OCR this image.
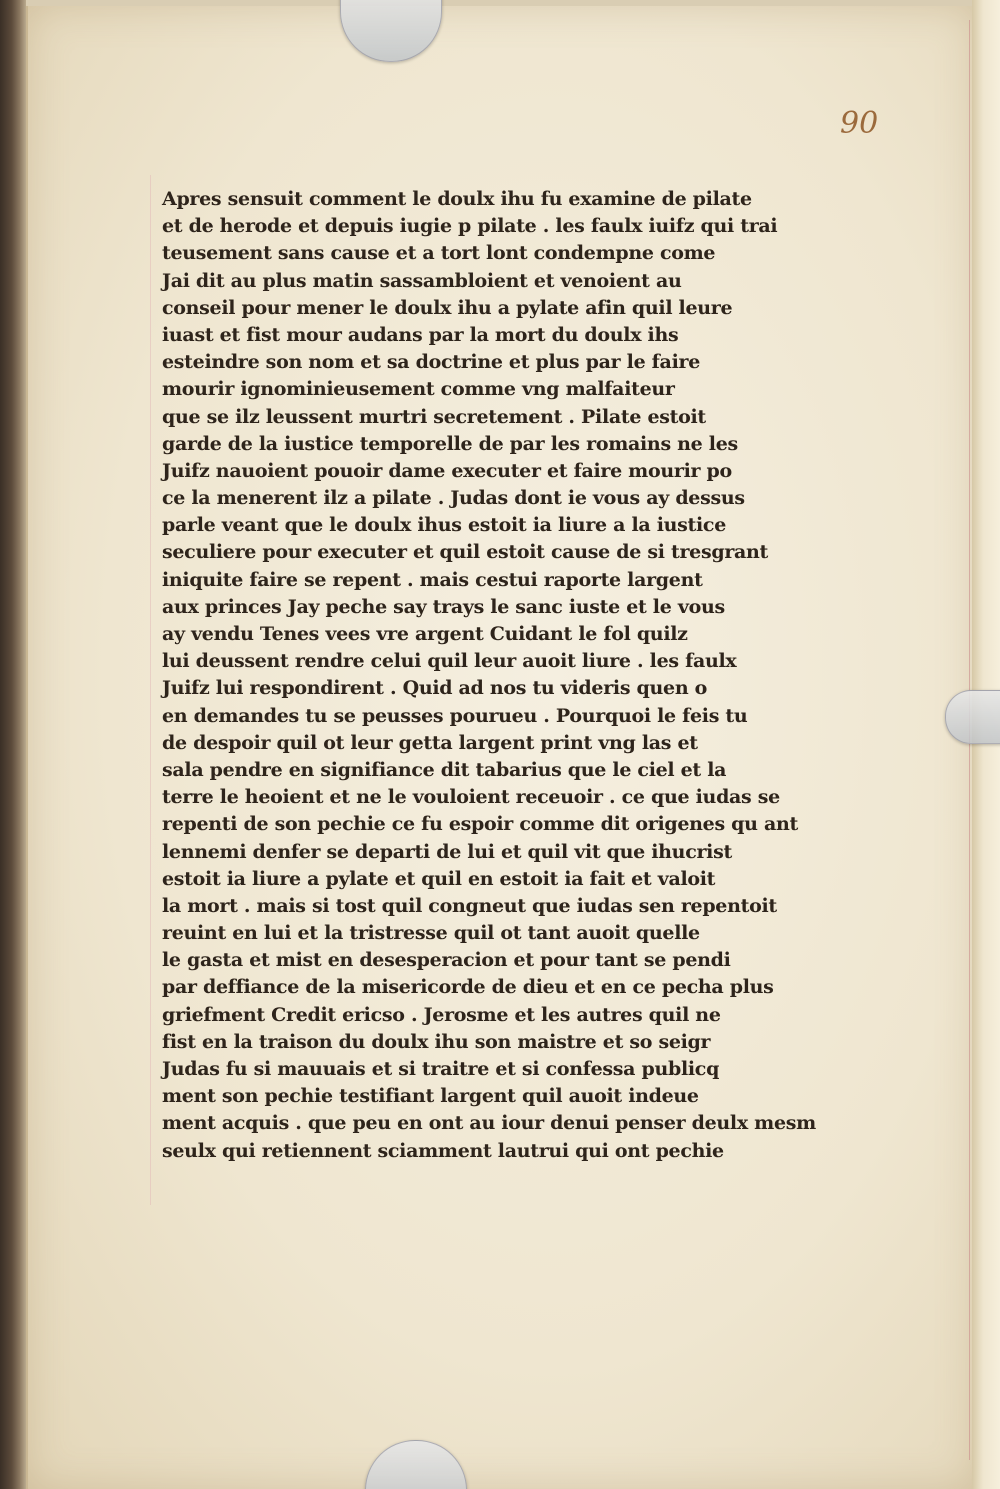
90
Apres sensuit comment le doulx ihu fu examine de pilate
et de herode et depuis iugie p pilate . les faulx iuifz qui trai
teusement sans cause et a tort lont condempne come
Jai dit au plus matin sassambloient et venoient au
conseil pour mener le doulx ihu a pylate afin quil leure
iuast et fist mour audans par la mort du doulx ihs
esteindre son nom et sa doctrine et plus par le faire
mourir ignominieusement comme vng malfaiteur
que se ilz leussent murtri secretement . Pilate estoit
garde de la iustice temporelle de par les romains ne les
Juifz nauoient pouoir dame executer et faire mourir po
ce la menerent ilz a pilate . Judas dont ie vous ay dessus
parle veant que le doulx ihus estoit ia liure a la iustice
seculiere pour executer et quil estoit cause de si tresgrant
iniquite faire se repent . mais cestui raporte largent
aux princes Jay peche say trays le sanc iuste et le vous
ay vendu Tenes vees vre argent Cuidant le fol quilz
lui deussent rendre celui quil leur auoit liure . les faulx
Juifz lui respondirent . Quid ad nos tu videris quen o
en demandes tu se peusses pourueu . Pourquoi le feis tu
de despoir quil ot leur getta largent print vng las et
sala pendre en signifiance dit tabarius que le ciel et la
terre le heoient et ne le vouloient receuoir . ce que iudas se
repenti de son pechie ce fu espoir comme dit origenes qu ant
lennemi denfer se departi de lui et quil vit que ihucrist
estoit ia liure a pylate et quil en estoit ia fait et valoit
la mort . mais si tost quil congneut que iudas sen repentoit
reuint en lui et la tristresse quil ot tant auoit quelle
le gasta et mist en desesperacion et pour tant se pendi
par deffiance de la misericorde de dieu et en ce pecha plus
griefment Credit ericso . Jerosme et les autres quil ne
fist en la traison du doulx ihu son maistre et so seigr
Judas fu si mauuais et si traitre et si confessa publicq
ment son pechie testifiant largent quil auoit indeue
ment acquis . que peu en ont au iour denui penser deulx mesm
seulx qui retiennent sciamment lautrui qui ont pechie
